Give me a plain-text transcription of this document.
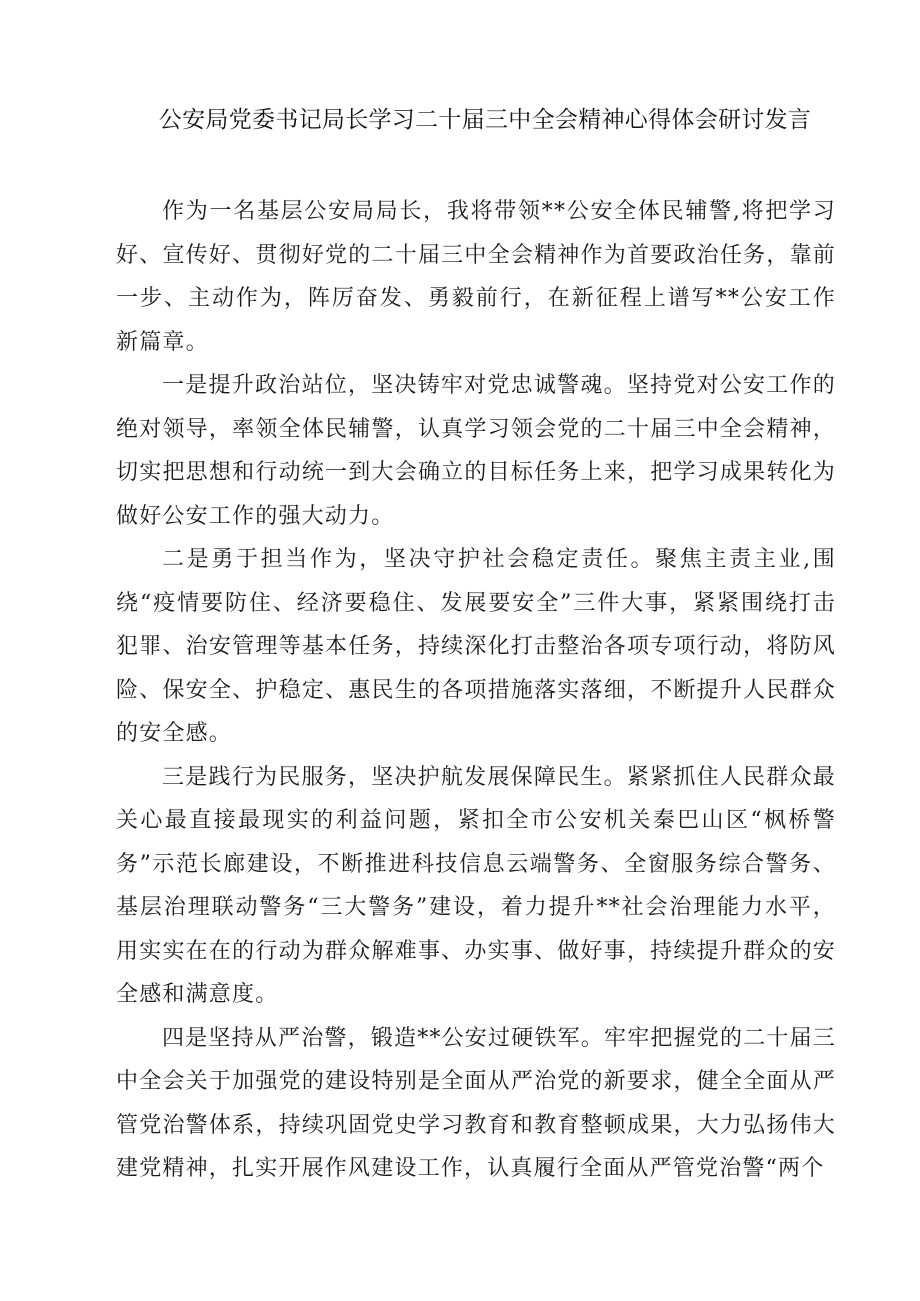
公安局党委书记局长学习二十届三中全会精神心得体会研讨发言

作为一名基层公安局局长，我将带领**公安全体民辅警,将把学习好、宣传好、贯彻好党的二十届三中全会精神作为首要政治任务，靠前一步、主动作为，阵厉奋发、勇毅前行，在新征程上谱写**公安工作新篇章。

一是提升政治站位，坚决铸牢对党忠诚警魂。坚持党对公安工作的绝对领导，率领全体民辅警，认真学习领会党的二十届三中全会精神，切实把思想和行动统一到大会确立的目标任务上来，把学习成果转化为做好公安工作的强大动力。

二是勇于担当作为，坚决守护社会稳定责任。聚焦主责主业,围绕“疫情要防住、经济要稳住、发展要安全”三件大事，紧紧围绕打击犯罪、治安管理等基本任务，持续深化打击整治各项专项行动，将防风险、保安全、护稳定、惠民生的各项措施落实落细，不断提升人民群众的安全感。

三是践行为民服务，坚决护航发展保障民生。紧紧抓住人民群众最关心最直接最现实的利益问题，紧扣全市公安机关秦巴山区“枫桥警务”示范长廊建设，不断推进科技信息云端警务、全窗服务综合警务、基层治理联动警务“三大警务”建设，着力提升**社会治理能力水平，用实实在在的行动为群众解难事、办实事、做好事，持续提升群众的安全感和满意度。

四是坚持从严治警，锻造**公安过硬铁军。牢牢把握党的二十届三中全会关于加强党的建设特别是全面从严治党的新要求，健全全面从严管党治警体系，持续巩固党史学习教育和教育整顿成果，大力弘扬伟大建党精神，扎实开展作风建设工作，认真履行全面从严管党治警“两个
